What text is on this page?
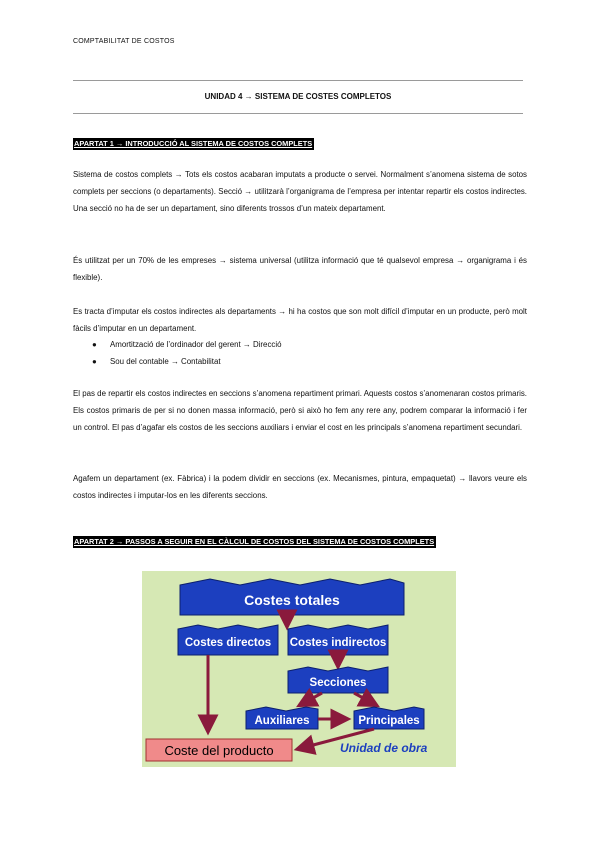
COMPTABILITAT DE COSTOS
UNIDAD 4 → SISTEMA DE COSTES COMPLETOS
APARTAT 1 → INTRODUCCIÓ AL SISTEMA DE COSTOS COMPLETS

Sistema de costos complets → Tots els costos acabaran imputats a producte o servei. Normalment s’anomena sistema de sotos complets per seccions (o departaments). Secció → utilitzarà l’organigrama de l’empresa per intentar repartir els costos indirectes. Una secció no ha de ser un departament, sino diferents trossos d’un mateix departament.

És utilitzat per un 70% de les empreses → sistema universal (utilitza informació que té qualsevol empresa → organigrama i és flexible).

Es tracta d’imputar els costos indirectes als departaments → hi ha costos que son molt difícil d’imputar en un producte, però molt fàcils d’imputar en un departament.

● Amortització de l’ordinador del gerent → Direcció
● Sou del contable → Contabilitat

El pas de repartir els costos indirectes en seccions s’anomena repartiment primari. Aquests costos s’anomenaran costos primaris. Els costos primaris de per si no donen massa informació, però si això ho fem any rere any, podrem comparar la informació i fer un control. El pas d’agafar els costos de les seccions auxiliars i enviar el cost en les principals s’anomena repartiment secundari.

Agafem un departament (ex. Fàbrica) i la podem dividir en seccions (ex. Mecanismes, pintura, empaquetat) → llavors veure els costos indirectes i imputar-los en les diferents seccions.

APARTAT 2 → PASSOS A SEGUIR EN EL CÀLCUL DE COSTOS DEL SISTEMA DE COSTOS COMPLETS
Costes totales
Costes directos Costes indirectos
Secciones
Auxiliares	Principales
Coste del producto	Unidad de obra
